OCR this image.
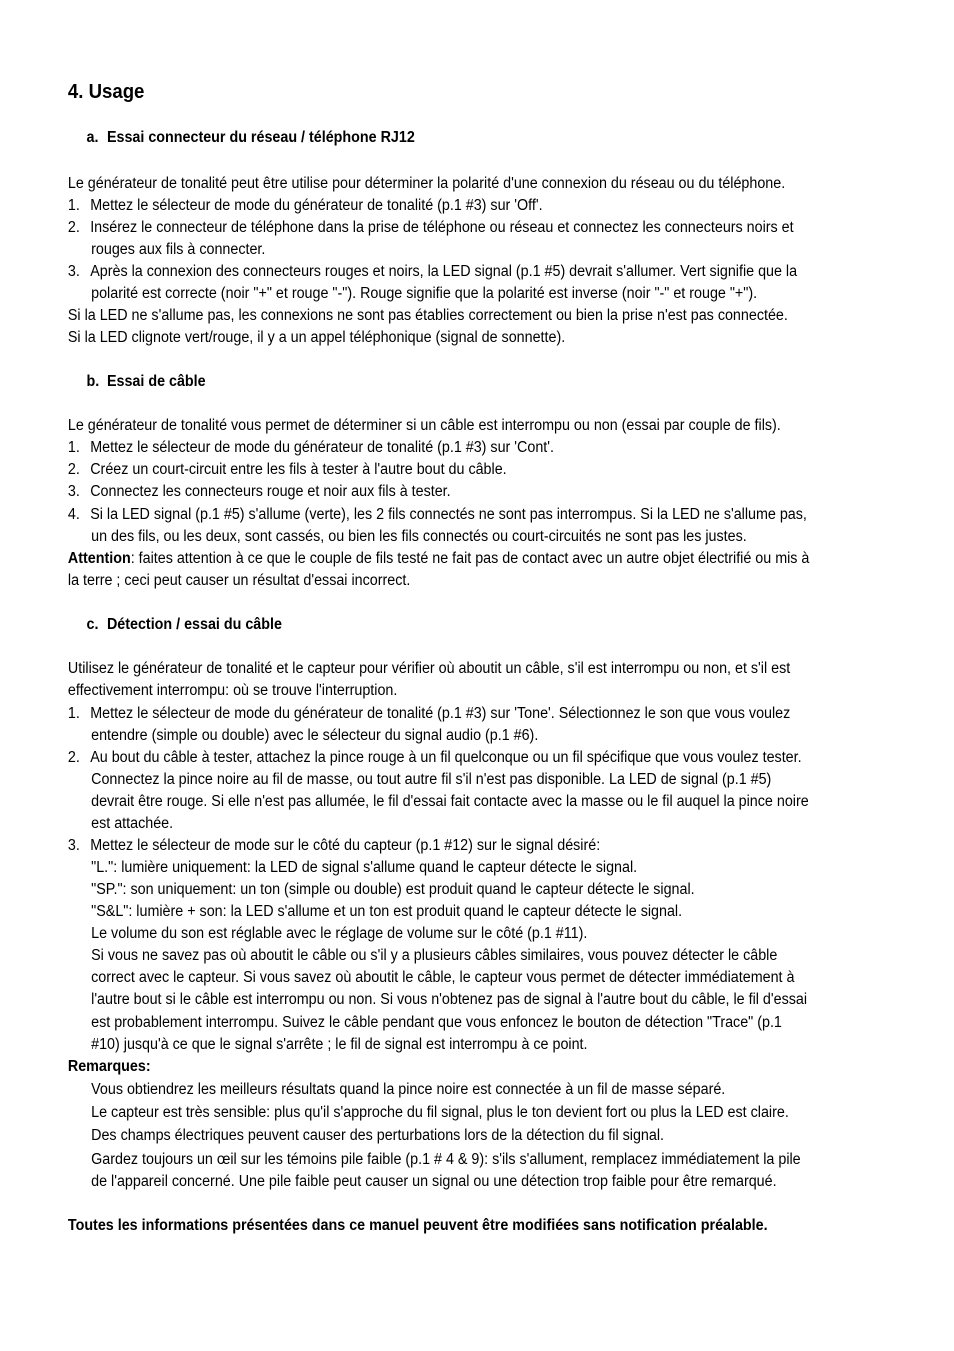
4. Usage
a. Essai connecteur du réseau / téléphone RJ12
Le générateur de tonalité peut être utilise pour déterminer la polarité d'une connexion du réseau ou du téléphone.
1. Mettez le sélecteur de mode du générateur de tonalité (p.1 #3) sur 'Off'.
2. Insérez le connecteur de téléphone dans la prise de téléphone ou réseau et connectez les connecteurs noirs et
rouges aux fils à connecter.
3. Après la connexion des connecteurs rouges et noirs, la LED signal (p.1 #5) devrait s'allumer. Vert signifie que la
polarité est correcte (noir "+" et rouge "-"). Rouge signifie que la polarité est inverse (noir "-" et rouge "+").
Si la LED ne s'allume pas, les connexions ne sont pas établies correctement ou bien la prise n'est pas connectée.
Si la LED clignote vert/rouge, il y a un appel téléphonique (signal de sonnette).
b. Essai de câble
Le générateur de tonalité vous permet de déterminer si un câble est interrompu ou non (essai par couple de fils).
1. Mettez le sélecteur de mode du générateur de tonalité (p.1 #3) sur 'Cont'.
2. Créez un court-circuit entre les fils à tester à l'autre bout du câble.
3. Connectez les connecteurs rouge et noir aux fils à tester.
4. Si la LED signal (p.1 #5) s'allume (verte), les 2 fils connectés ne sont pas interrompus. Si la LED ne s'allume pas,
un des fils, ou les deux, sont cassés, ou bien les fils connectés ou court-circuités ne sont pas les justes.
Attention: faites attention à ce que le couple de fils testé ne fait pas de contact avec un autre objet électrifié ou mis à
la terre ; ceci peut causer un résultat d'essai incorrect.
c. Détection / essai du câble
Utilisez le générateur de tonalité et le capteur pour vérifier où aboutit un câble, s'il est interrompu ou non, et s'il est
effectivement interrompu: où se trouve l'interruption.
1. Mettez le sélecteur de mode du générateur de tonalité (p.1 #3) sur 'Tone'. Sélectionnez le son que vous voulez
entendre (simple ou double) avec le sélecteur du signal audio (p.1 #6).
2. Au bout du câble à tester, attachez la pince rouge à un fil quelconque ou un fil spécifique que vous voulez tester.
Connectez la pince noire au fil de masse, ou tout autre fil s'il n'est pas disponible. La LED de signal (p.1 #5)
devrait être rouge. Si elle n'est pas allumée, le fil d'essai fait contacte avec la masse ou le fil auquel la pince noire
est attachée.
3. Mettez le sélecteur de mode sur le côté du capteur (p.1 #12) sur le signal désiré:
"L.": lumière uniquement: la LED de signal s'allume quand le capteur détecte le signal.
"SP.": son uniquement: un ton (simple ou double) est produit quand le capteur détecte le signal.
"S&L": lumière + son: la LED s'allume et un ton est produit quand le capteur détecte le signal.
Le volume du son est réglable avec le réglage de volume sur le côté (p.1 #11).
Si vous ne savez pas où aboutit le câble ou s'il y a plusieurs câbles similaires, vous pouvez détecter le câble
correct avec le capteur. Si vous savez où aboutit le câble, le capteur vous permet de détecter immédiatement à
l'autre bout si le câble est interrompu ou non. Si vous n'obtenez pas de signal à l'autre bout du câble, le fil d'essai
est probablement interrompu. Suivez le câble pendant que vous enfoncez le bouton de détection "Trace" (p.1
#10) jusqu'à ce que le signal s'arrête ; le fil de signal est interrompu à ce point.
Remarques:
Vous obtiendrez les meilleurs résultats quand la pince noire est connectée à un fil de masse séparé.
Le capteur est très sensible: plus qu'il s'approche du fil signal, plus le ton devient fort ou plus la LED est claire.
Des champs électriques peuvent causer des perturbations lors de la détection du fil signal.
Gardez toujours un œil sur les témoins pile faible (p.1 # 4 & 9): s'ils s'allument, remplacez immédiatement la pile
de l'appareil concerné. Une pile faible peut causer un signal ou une détection trop faible pour être remarqué.
Toutes les informations présentées dans ce manuel peuvent être modifiées sans notification préalable.
